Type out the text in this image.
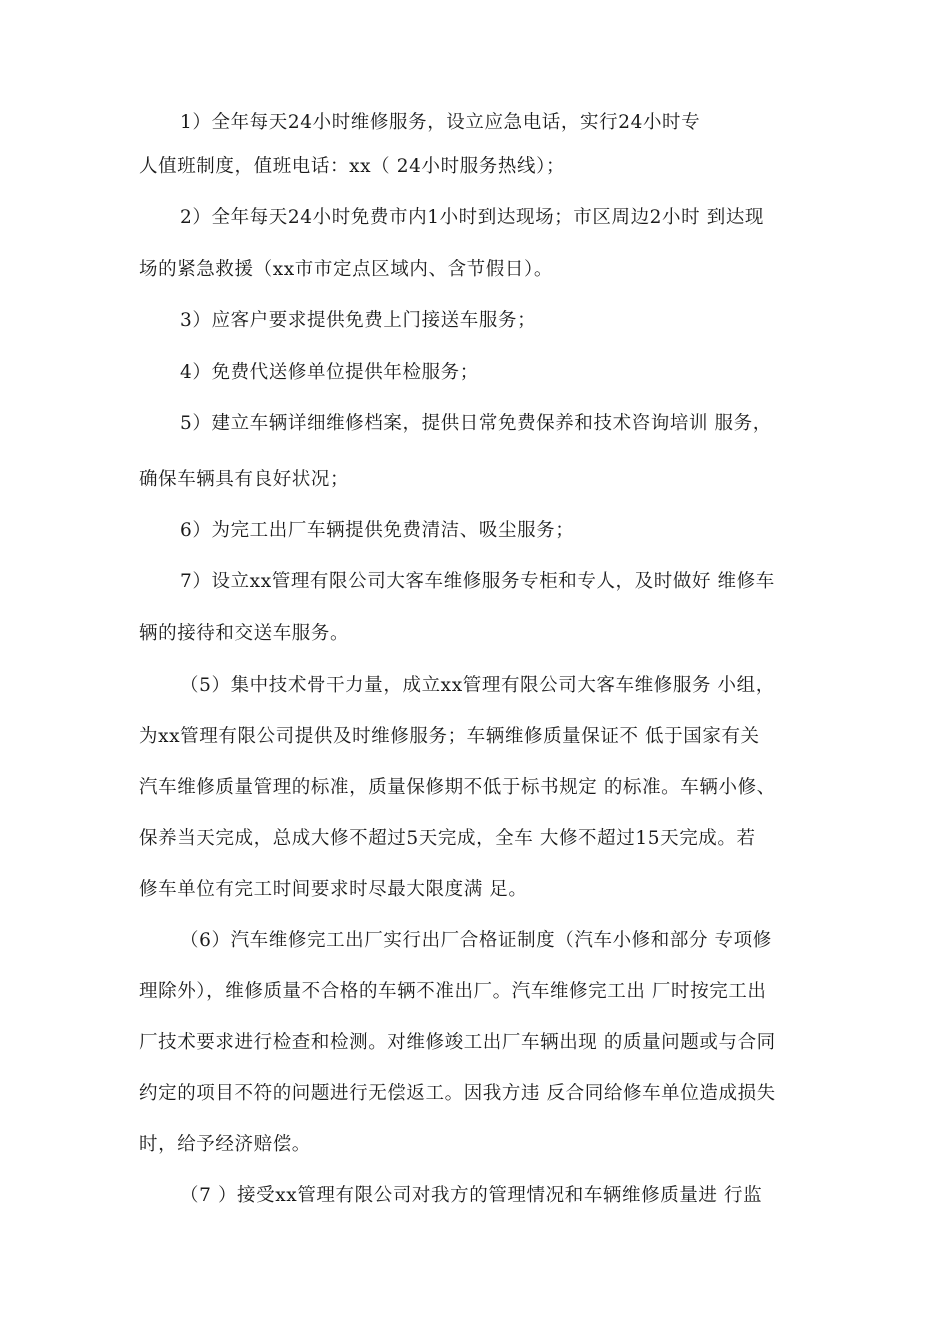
1）全年每天24小时维修服务，设立应急电话，实行24小时专
人值班制度，值班电话：xx（ 24小时服务热线）；
2）全年每天24小时免费市内1小时到达现场；市区周边2小时 到达现
场的紧急救援（xx市市定点区域内、含节假日）。
3）应客户要求提供免费上门接送车服务；
4）免费代送修单位提供年检服务；
5）建立车辆详细维修档案，提供日常免费保养和技术咨询培训 服务，
确保车辆具有良好状况；
6）为完工出厂车辆提供免费清洁、吸尘服务；
7）设立xx管理有限公司大客车维修服务专柜和专人，及时做好 维修车
辆的接待和交送车服务。
（5）集中技术骨干力量，成立xx管理有限公司大客车维修服务 小组，
为xx管理有限公司提供及时维修服务；车辆维修质量保证不 低于国家有关
汽车维修质量管理的标准，质量保修期不低于标书规定 的标准。车辆小修、
保养当天完成，总成大修不超过5天完成，全车 大修不超过15天完成。若
修车单位有完工时间要求时尽最大限度满 足。
（6）汽车维修完工出厂实行出厂合格证制度（汽车小修和部分 专项修
理除外），维修质量不合格的车辆不准出厂。汽车维修完工出 厂时按完工出
厂技术要求进行检查和检测。对维修竣工出厂车辆出现 的质量问题或与合同
约定的项目不符的问题进行无偿返工。因我方违 反合同给修车单位造成损失
时，给予经济赔偿。
（7 ）接受xx管理有限公司对我方的管理情况和车辆维修质量进 行监
